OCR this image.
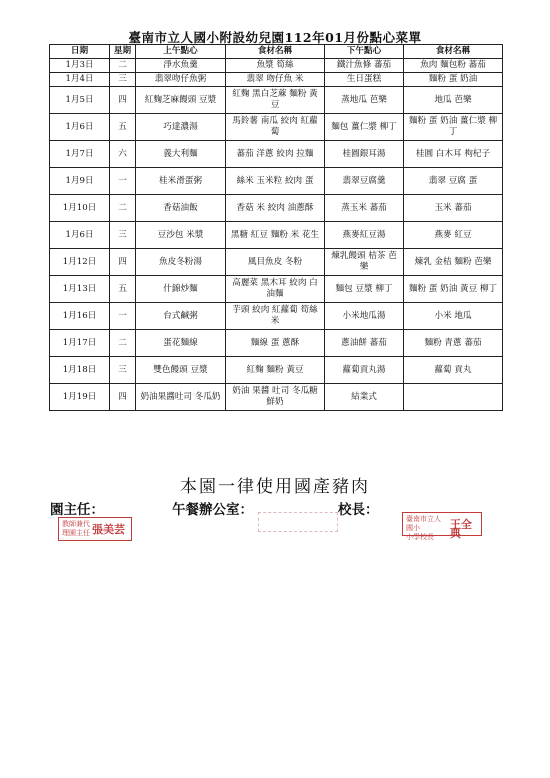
臺南市立人國小附設幼兒園112年01月份點心菜單
日期	星期	上午點心	食材名稱	下午點心	食材名稱
1月3日	二	淨水魚羹	魚漿 筍絲	鐵汁魚條 蕃茄	魚肉 麵包粉 蕃茄
1月4日	三	翡翠吻仔魚粥	翡翠 吻仔魚 米	生日蛋糕	麵粉 蛋 奶油
1月5日	四	紅麴芝麻饅頭 豆漿	紅麴 黑白芝蔴 麵粉 黃豆	蒸地瓜 芭樂	地瓜 芭樂
1月6日	五	巧達濃湯	馬鈴薯 南瓜 絞肉 紅蘿蔔	麵包 薑仁漿 柳丁	麵粉 蛋 奶油 薑仁漿 柳丁
1月7日	六	義大利麵	蕃茄 洋蔥 絞肉 拉麵	桂圓銀耳湯	桂圓 白木耳 枸杞子
1月9日	一	桂米滑蛋粥	絲米 玉米粒 絞肉 蛋	翡翠豆腐羹	翡翠 豆腐 蛋
1月10日	二	香菇油飯	香菇 米 絞肉 油蔥酥	蒸玉米 蕃茄	玉米 蕃茄
1月6日	三	豆沙包 米漿	黑糖 紅豆 麵粉 米 花生	燕麥紅豆湯	燕麥 紅豆
1月12日	四	魚皮冬粉湯	風目魚皮 冬粉	煉乳饅頭 桔茶 芭樂	煉乳 金桔 麵粉 芭樂
1月13日	五	什錦炒麵	高麗菜 黑木耳 絞肉 白油麵	麵包 豆漿 柳丁	麵粉 蛋 奶油 黃豆 柳丁
1月16日	一	台式鹹粥	芋頭 絞肉 紅蘿蔔 筍絲 米	小米地瓜湯	小米 地瓜
1月17日	二	蛋花麵線	麵線 蛋 蔥酥	蔥油餅 蕃茄	麵粉 青蔥 蕃茄
1月18日	三	雙色饅頭 豆漿	紅麴 麵粉 黃豆	蘿蔔貢丸湯	蘿蔔 貢丸
1月19日	四	奶油果醬吐司 冬瓜奶	奶油 果醬 吐司 冬瓜糖 鮮奶	結業式	
本園一律使用國產豬肉
園主任：	午餐辦公室：	校長：
教師兼代
理園主任 張美芸
臺南市立人國小
小學校長
王全典
